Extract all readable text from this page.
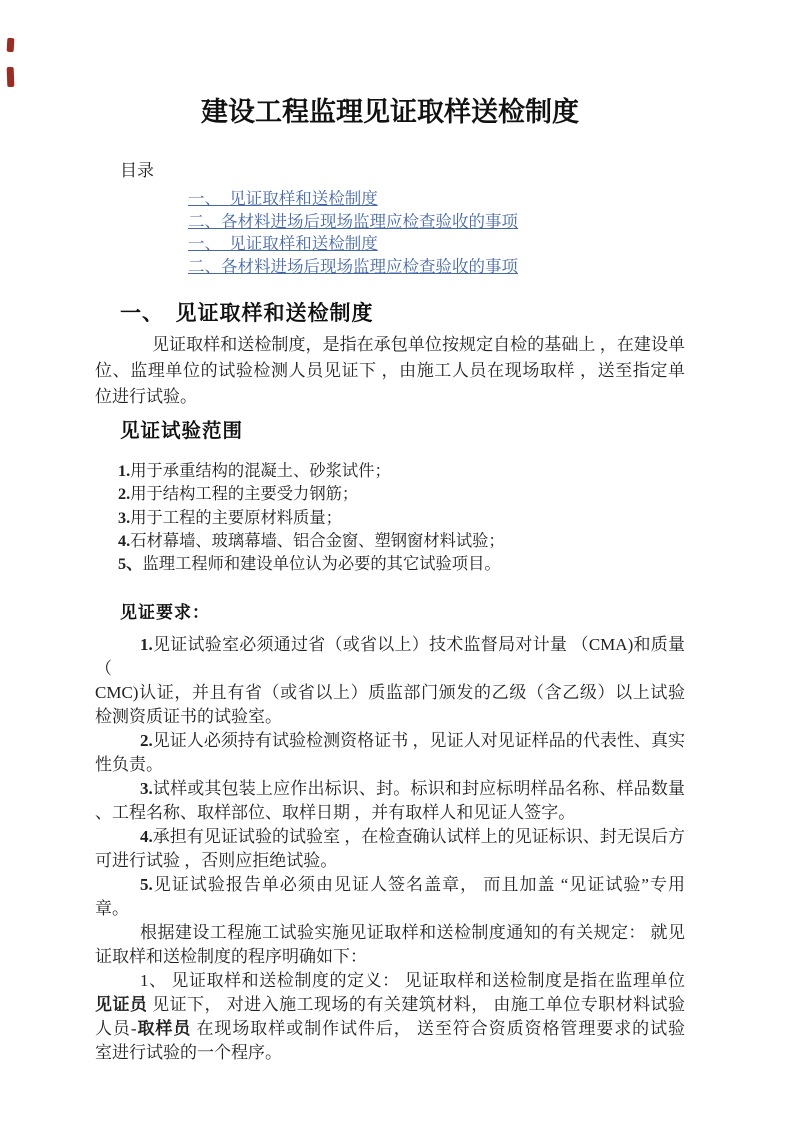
建设工程监理见证取样送检制度
目录
一、　见证取样和送检制度
二、各材料进场后现场监理应检查验收的事项
一、　见证取样和送检制度
二、各材料进场后现场监理应检查验收的事项
一、　见证取样和送检制度
见证取样和送检制度，是指在承包单位按规定自检的基础上 ，在建设单
位、监理单位的试验检测人员见证下 ，由施工人员在现场取样 ，送至指定单
位进行试验。
见证试验范围
1.用于承重结构的混凝土、砂浆试件；
2.用于结构工程的主要受力钢筋；
3.用于工程的主要原材料质量；
4.石材幕墙、玻璃幕墙、铝合金窗、塑钢窗材料试验；
5、监理工程师和建设单位认为必要的其它试验项目。
见证要求：
1.见证试验室必须通过省（或省以上）技术监督局对计量 （CMA)和质量（
CMC)认证，并且有省（或省以上）质监部门颁发的乙级（含乙级）以上试验
检测资质证书的试验室。
2.见证人必须持有试验检测资格证书 ，见证人对见证样品的代表性、真实
性负责。
3.试样或其包装上应作出标识、封。标识和封应标明样品名称、样品数量
、工程名称、取样部位、取样日期 ，并有取样人和见证人签字。
4.承担有见证试验的试验室 ，在检查确认试样上的见证标识、封无误后方
可进行试验 ，否则应拒绝试验。
5.见证试验报告单必须由见证人签名盖章， 而且加盖 “见证试验”专用
章。
根据建设工程施工试验实施见证取样和送检制度通知的有关规定： 就见
证取样和送检制度的程序明确如下：
1、 见证取样和送检制度的定义： 见证取样和送检制度是指在监理单位
见证员 见证下， 对进入施工现场的有关建筑材料， 由施工单位专职材料试验
人员-取样员 在现场取样或制作试件后， 送至符合资质资格管理要求的试验
室进行试验的一个程序。
